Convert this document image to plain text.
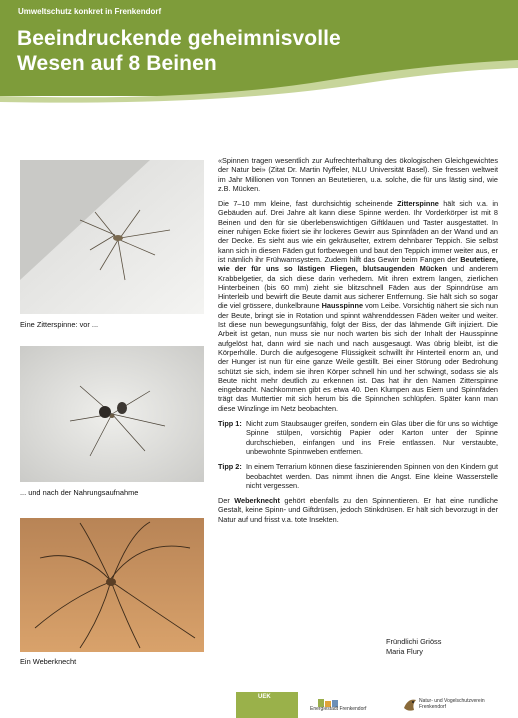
Umweltschutz konkret in Frenkendorf
Beeindruckende geheimnisvolle
Wesen auf 8 Beinen
Eine Zitterspinne: vor ...
... und nach der Nahrungsaufnahme
Ein Weberknecht

«Spinnen tragen wesentlich zur Aufrechterhaltung des ökologischen Gleichgewichtes der Natur bei» (Zitat Dr. Martin Nyffeler, NLU Universität Basel). Sie fressen weltweit im Jahr Millionen von Tonnen an Beutetieren, u.a. solche, die für uns lästig sind, wie z.B. Mücken.

Die 7–10 mm kleine, fast durchsichtig scheinende Zitterspinne hält sich v.a. in Gebäuden auf. Drei Jahre alt kann diese Spinne werden. Ihr Vorderkörper ist mit 8 Beinen und den für sie überlebenswichtigen Giftklauen und Taster ausgestattet. In einer ruhigen Ecke fixiert sie ihr lockeres Gewirr aus Spinnfäden an der Wand und an der Decke. Es sieht aus wie ein gekräuselter, extrem dehnbarer Teppich. Sie selbst kann sich in diesen Fäden gut fortbewegen und baut den Teppich immer weiter aus, er ist nämlich ihr Frühwarnsystem. Zudem hilft das Gewirr beim Fangen der Beutetiere, wie der für uns so lästigen Fliegen, blutsaugenden Mücken und anderem Krabbelgetier, da sich diese darin verhedern. Mit ihren extrem langen, zierlichen Hinterbeinen (bis 60 mm) zieht sie blitzschnell Fäden aus der Spinndrüse am Hinterleib und bewirft die Beute damit aus sicherer Entfernung. Sie hält sich so sogar die viel grössere, dunkelbraune Hausspinne vom Leibe. Vorsichtig nähert sie sich nun der Beute, bringt sie in Rotation und spinnt währenddessen Fäden weiter und weiter. Ist diese nun bewegungsunfähig, folgt der Biss, der das lähmende Gift injiziert. Die Arbeit ist getan, nun muss sie nur noch warten bis sich der Inhalt der Hausspinne aufgelöst hat, dann wird sie nach und nach ausgesaugt. Was übrig bleibt, ist die Körperhülle. Durch die aufgesogene Flüssigkeit schwillt ihr Hinterteil enorm an, und der Hunger ist nun für eine ganze Weile gestillt. Bei einer Störung oder Bedrohung schützt sie sich, indem sie ihren Körper schnell hin und her schwingt, sodass sie als Beute nicht mehr deutlich zu erkennen ist. Das hat ihr den Namen Zitterspinne eingebracht. Nachkommen gibt es etwa 40. Den Klumpen aus Eiern und Spinnfäden trägt das Muttertier mit sich herum bis die Spinnchen schlüpfen. Später kann man diese Winzlinge im Netz beobachten.

Tipp 1: Nicht zum Staubsauger greifen, sondern ein Glas über die für uns so wichtige Spinne stülpen, vorsichtig Papier oder Karton unter der Spinne durchschieben, einfangen und ins Freie entlassen. Nur verstaubte, unbewohnte Spinnweben entfernen.
Tipp 2: In einem Terrarium können diese faszinierenden Spinnen von den Kindern gut beobachtet werden. Das nimmt ihnen die Angst. Eine kleine Wasserstelle nicht vergessen.

Der Weberknecht gehört ebenfalls zu den Spinnentieren. Er hat eine rundliche Gestalt, keine Spinn- und Giftdrüsen, jedoch Stinkdrüsen. Er hält sich bevorzugt in der Natur auf und frisst v.a. tote Insekten.

Fründlichi Griöss
Maria Flury
UEK
Energiestadt Frenkendorf
Natur- und Vogelschutzverein
Frenkendorf
